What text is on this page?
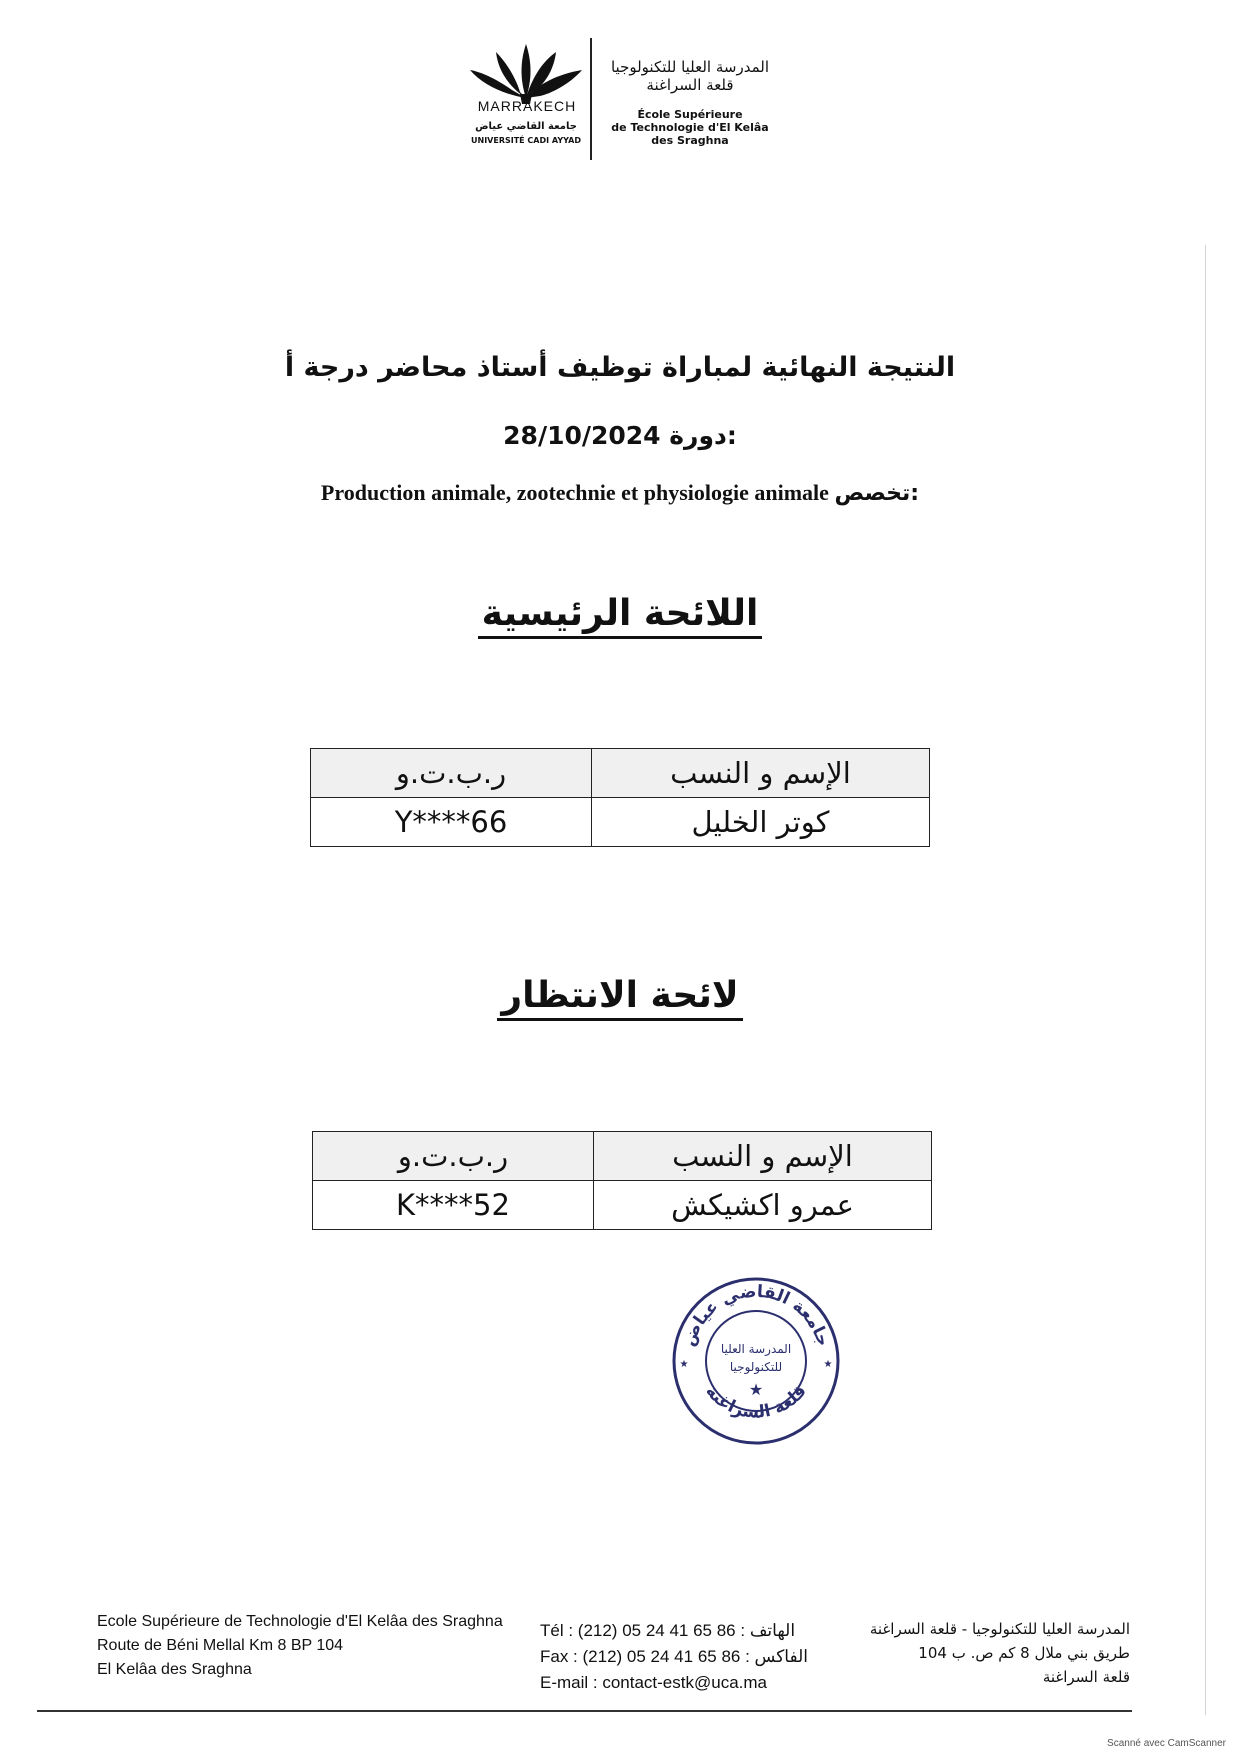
MARRAKECH
جامعة القاضي عياض
UNIVERSITÉ CADI AYYAD
المدرسة العليا للتكنولوجيا
قلعة السراغنة
École Supérieure
de Technologie d'El Kelâa
des Sraghna
النتيجة النهائية لمباراة توظيف أستاذ محاضر درجة أ
28/10/2024 دورة:
Production animale, zootechnie et physiologie animale تخصص:
اللائحة الرئيسية
الإسم و النسب	ر.ب.ت.و
كوتر الخليل	Y****66
لائحة الانتظار
الإسم و النسب	ر.ب.ت.و
عمرو اكشيكش	K****52
جامعة القاضي عياض
قلعة السراغنة
المدرسة العليا
للتكنولوجيا
★
★	★
Ecole Supérieure de Technologie d'El Kelâa des Sraghna
Route de Béni Mellal Km 8 BP 104
El Kelâa des Sraghna
Tél : (212) 05 24 41 65 86 : الهاتف
Fax : (212) 05 24 41 65 86 : الفاكس
E-mail : contact-estk@uca.ma
المدرسة العليا للتكنولوجيا - قلعة السراغنة
طريق بني ملال 8 كم ص. ب 104
قلعة السراغنة
Scanné avec CamScanner
